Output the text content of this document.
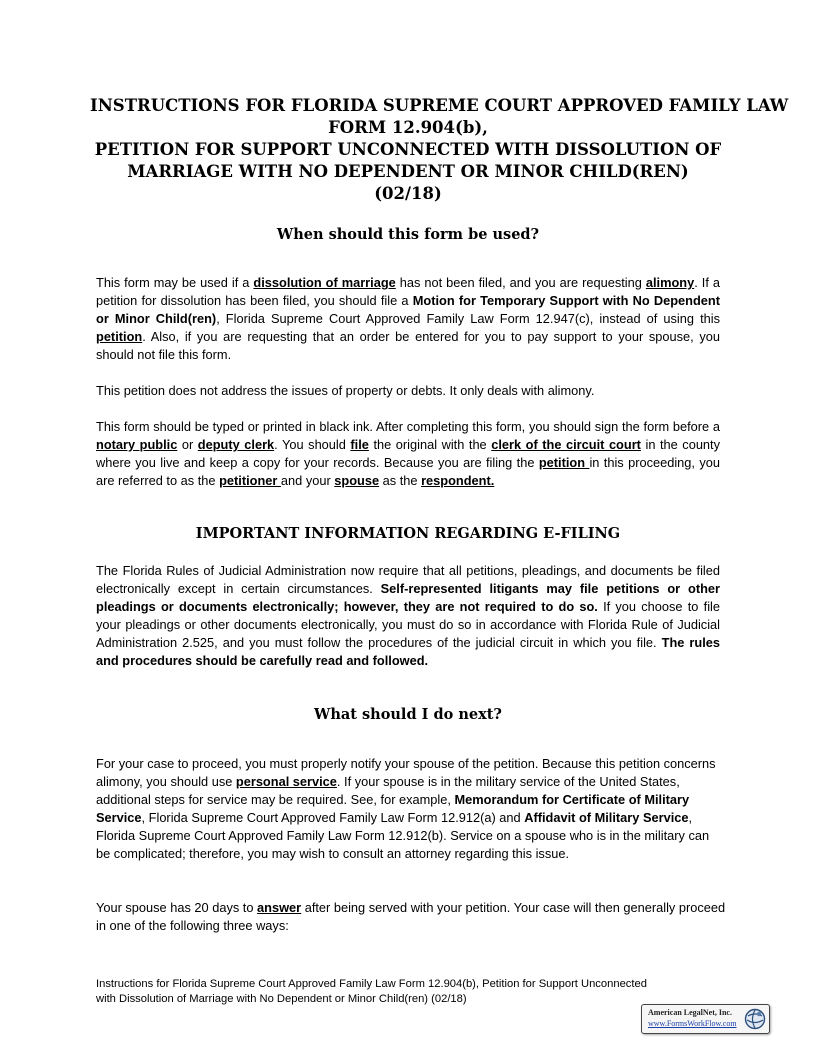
INSTRUCTIONS FOR FLORIDA SUPREME COURT APPROVED FAMILY LAW
FORM 12.904(b),
PETITION FOR SUPPORT UNCONNECTED WITH DISSOLUTION OF
MARRIAGE WITH NO DEPENDENT OR MINOR CHILD(REN)
(02/18)
When should this form be used?
This form may be used if a dissolution of marriage has not been filed, and you are requesting alimony. If a petition for dissolution has been filed, you should file a Motion for Temporary Support with No Dependent or Minor Child(ren), Florida Supreme Court Approved Family Law Form 12.947(c), instead of using this petition. Also, if you are requesting that an order be entered for you to pay support to your spouse, you should not file this form.
This petition does not address the issues of property or debts. It only deals with alimony.
This form should be typed or printed in black ink. After completing this form, you should sign the form before a notary public or deputy clerk. You should file the original with the clerk of the circuit court in the county where you live and keep a copy for your records. Because you are filing the petition in this proceeding, you are referred to as the petitioner and your spouse as the respondent.
IMPORTANT INFORMATION REGARDING E-FILING
The Florida Rules of Judicial Administration now require that all petitions, pleadings, and documents be filed electronically except in certain circumstances. Self-represented litigants may file petitions or other pleadings or documents electronically; however, they are not required to do so. If you choose to file your pleadings or other documents electronically, you must do so in accordance with Florida Rule of Judicial Administration 2.525, and you must follow the procedures of the judicial circuit in which you file. The rules and procedures should be carefully read and followed.
What should I do next?
For your case to proceed, you must properly notify your spouse of the petition. Because this petition concerns alimony, you should use personal service. If your spouse is in the military service of the United States, additional steps for service may be required. See, for example, Memorandum for Certificate of Military Service, Florida Supreme Court Approved Family Law Form 12.912(a) and Affidavit of Military Service, Florida Supreme Court Approved Family Law Form 12.912(b). Service on a spouse who is in the military can be complicated; therefore, you may wish to consult an attorney regarding this issue.
Your spouse has 20 days to answer after being served with your petition. Your case will then generally proceed in one of the following three ways:
Instructions for Florida Supreme Court Approved Family Law Form 12.904(b), Petition for Support Unconnected
with Dissolution of Marriage with No Dependent or Minor Child(ren) (02/18)
American LegalNet, Inc.
www.FormsWorkFlow.com
